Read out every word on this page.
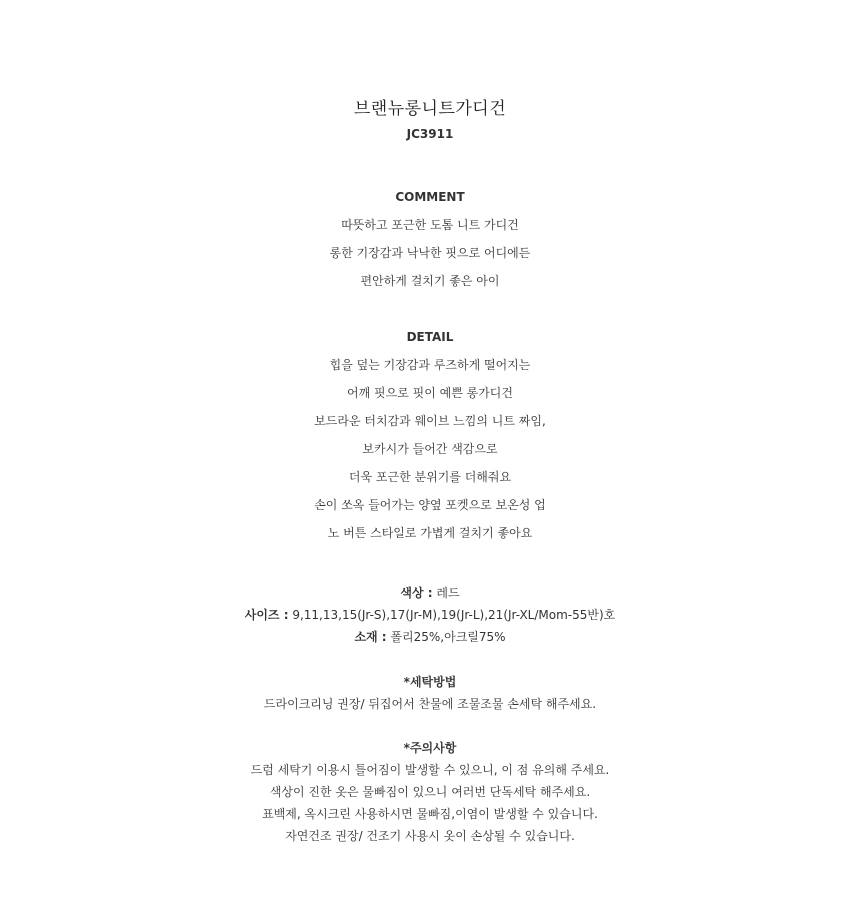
브랜뉴롱니트가디건
JC3911
COMMENT
따뜻하고 포근한 도톰 니트 가디건
롱한 기장감과 낙낙한 핏으로 어디에든
편안하게 걸치기 좋은 아이
DETAIL
힙을 덮는 기장감과 루즈하게 떨어지는
어깨 핏으로 핏이 예쁜 롱가디건
보드라운 터치감과 웨이브 느낌의 니트 짜임,
보카시가 들어간 색감으로
더욱 포근한 분위기를 더해줘요
손이 쏘옥 들어가는 양옆 포켓으로 보온성 업
노 버튼 스타일로 가볍게 걸치기 좋아요
색상 : 레드
사이즈 : 9,11,13,15(Jr-S),17(Jr-M),19(Jr-L),21(Jr-XL/Mom-55반)호
소재 : 폴리25%,아크릴75%
*세탁방법
드라이크리닝 권장/ 뒤집어서 찬물에 조물조물 손세탁 해주세요.
*주의사항
드럼 세탁기 이용시 틀어짐이 발생할 수 있으니, 이 점 유의해 주세요.
색상이 진한 옷은 물빠짐이 있으니 여러번 단독세탁 해주세요.
표백제, 옥시크린 사용하시면 물빠짐,이염이 발생할 수 있습니다.
자연건조 권장/ 건조기 사용시 옷이 손상될 수 있습니다.
